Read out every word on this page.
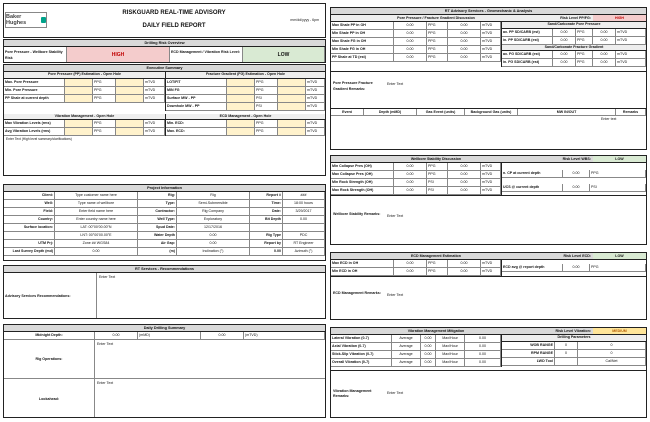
Baker Hughes
RISKGUARD REAL-TIME ADVISORY
DAILY FIELD REPORT
mm/dd/yyyy - 6pm
Drilling Risk Overview
Pore Pressure - Wellbore Stability Risk	HIGH	ECD Management / Vibration Risk Level:	LOW
Executive Summary
Pore Pressure (PP) Estimation - Open Hole
Max. Pore Pressure	PPG	mTVD
Min. Pore Pressure	PPG	mTVD
PP Shale at current depth	PPG	mTVD
Fracture Gradient (FG) Estimation - Open Hole
LOT/FIT	PPG	mTVD
MIN FG	PPG	mTVD
Surface MW - PP	PSI	mTVD
Downhole MW - PP	PSI	mTVD
Vibration Management - Open Hole
Max Vibration Levels (rms)	PPG	mTVD
Avg Vibration Levels (rms)	PPG	mTVD
ECD Management - Open Hole
Min. ECD:	PPG	mTVD
Max. ECD:	PPG	mTVD
Enter Text (High level summary/clarifications)
Project Information
Client:	Type customer name here	Rig:	Rig	Report #	###
Well:	Type name of wellbore	Type:	Semi-Submersible	Time:	18:00 hours
Field:	Enter field name here	Contractor:	Rig Company	Date:	3/29/2017
Country:	Enter country name here	Well Type:	Exploratory	Bit Depth	0.00
Surface location:	LAT: 00°00'00.00"N	Spud Date:	12/17/2016
LNT: 00°00'00.00"E	Water Depth	0.00	Rig Type	PDC
UTM Prj:	Zone ## WGS84	Air Gap:	0.00	Report by	RT Engineer
Last Survey Depth (md)	0.00	(m)	Inclination (°)	0.00	Azimuth (°)
RT Services - Recommendations
Advisory Services Recommendations:
Enter Text
Daily Drilling Summary
Midnight Depth:	0.00	(mMD)	0.00	(mTVD)
Rig Operations:
Enter Text
Lookahead:
Enter Text
RT Advisory Services - Geomechanic & Analysis
Pore Pressure / Fracture Gradient Discussion	Risk Level PP/FG:	HIGH
Max Shale PP in OH	0.00	PPG	0.00	mTVD
Min Shale PP in OH	0.00	PPG	0.00	mTVD
Max Shale FG in OH	0.00	PPG	0.00	mTVD
Min Shale FG in OH	0.00	PPG	0.00	mTVD
PP Shale at TD (est)	0.00	PPG	0.00	mTVD
Sand/Carbonate Pore Pressure
ax. PP SD/CARB (est)	0.00	PPG	0.00	mTVD
in. PP SD/CARB (est)	0.00	PPG	0.00	mTVD
Sand/Carbonate Fracture Gradient
ax. FG SD/CARB (est)	0.00	PPG	0.00	mTVD
in. FG SD/CARB (est)	0.00	PPG	0.00	mTVD
Pore Pressure Fracture Gradient Remarks:
Enter Text
Event	Depth (mMD)	Gas Event (units)	Background Gas (units)	MW IN/OUT	Remarks
Enter text
Wellbore Stability Discussion	Risk Level WBS:	LOW
Min Collapse Pres (OH)	0.00	PPG	0.00	mTVD
Max Collapse Pres (OH)	0.00	PPG	0.00	mTVD
Min Rock Strength (OH)	0.00	PSI	0.00	mTVD
Max Rock Strength (OH)	0.00	PSI	0.00	mTVD
n. CP at current depth	0.00	PPG
UCS @ current depth	0.00	PSI
Wellbore Stability Remarks:	Enter Text
ECD Management Estimation	Risk Level ECD:	LOW
Max ECD in OH	0.00	PPG	0.00	mTVD
Min ECD in OH	0.00	PPG	0.00	mTVD
ECD avg @ report depth	0.00	PPG
ECD Management Remarks:	Enter Text
Vibration Management Mitigation	Risk Level Vibration:	MEDIUM
Lateral Vibration (0-7)	Average	0.00	Max/Hour	0.00
Axial Vibration (0-7)	Average	0.00	Max/Hour	0.00
Stick-Slip Vibration (0-7)	Average	0.00	Max/Hour	0.00
Overall Vibration (0-7)	Average	0.00	Max/Hour	0.00
Drilling Parameters
WOB RANGE	0	0
RPM RANGE	0	0
LWD Tool	Cal/Net
Vibration Management Remarks:
Enter Text
